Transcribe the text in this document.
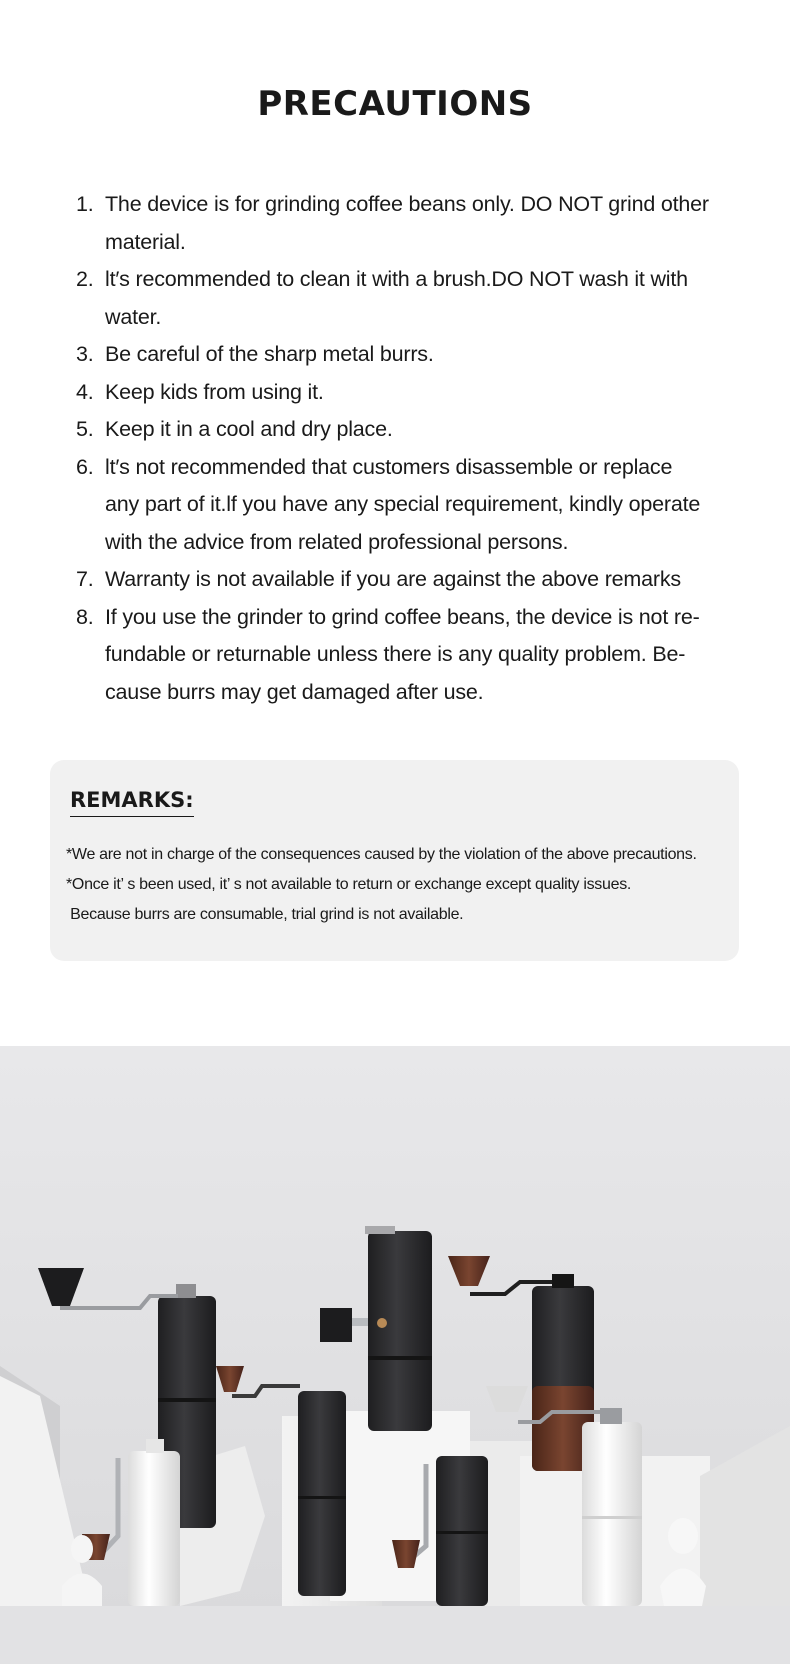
PRECAUTIONS
1. The device is for grinding coffee beans only. DO NOT grind other
material.
2. lt′s recommended to clean it with a brush.DO NOT wash it with
water.
3. Be careful of the sharp metal burrs.
4. Keep kids from using it.
5. Keep it in a cool and dry place.
6. lt′s not recommended that customers disassemble or replace
any part of it.lf you have any special requirement, kindly operate
with the advice from related professional persons.
7. Warranty is not available if you are against the above remarks
8. If you use the grinder to grind coffee beans, the device is not re-
fundable or returnable unless there is any quality problem. Be-
cause burrs may get damaged after use.
REMARKS:
*We are not in charge of the consequences caused by the violation of the above precautions.
*Once it’ s been used, it’ s not available to return or exchange except quality issues.
Because burrs are consumable, trial grind is not available.
